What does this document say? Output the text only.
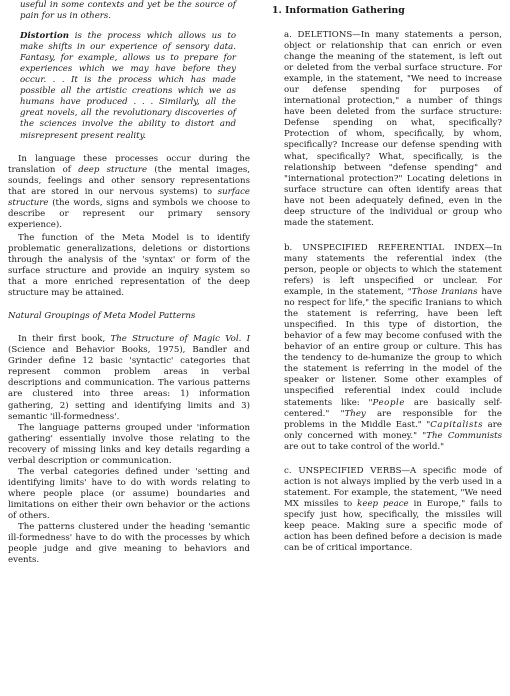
useful in some contexts and yet be the source of pain for us in others.

Distortion is the process which allows us to make shifts in our experience of sensory data. Fantasy, for example, allows us to prepare for experiences which we may have before they occur. . . It is the process which has made possible all the artistic creations which we as humans have produced . . . Similarly, all the great novels, all the revolutionary discoveries of the sciences involve the ability to distort and misrepresent present reality.

In language these processes occur during the translation of deep structure (the mental images, sounds, feelings and other sensory representations that are stored in our nervous systems) to surface structure (the words, signs and symbols we choose to describe or represent our primary sensory experience).

The function of the Meta Model is to identify problematic generalizations, deletions or distortions through the analysis of the 'syntax' or form of the surface structure and provide an inquiry system so that a more enriched representation of the deep structure may be attained.

Natural Groupings of Meta Model Patterns

In their first book, The Structure of Magic Vol. I (Science and Behavior Books, 1975), Bandler and Grinder define 12 basic 'syntactic' categories that represent common problem areas in verbal descriptions and communication. The various patterns are clustered into three areas: 1) information gathering, 2) setting and identifying limits and 3) semantic 'ill-formedness'.

The language patterns grouped under 'information gathering' essentially involve those relating to the recovery of missing links and key details regarding a verbal description or communication.

The verbal categories defined under 'setting and identifying limits' have to do with words relating to where people place (or assume) boundaries and limitations on either their own behavior or the actions of others.

The patterns clustered under the heading 'semantic ill-formedness' have to do with the processes by which people judge and give meaning to behaviors and events.

1. Information Gathering

a. DELETIONS—In many statements a person, object or relationship that can enrich or even change the meaning of the statement, is left out or deleted from the verbal surface structure. For example, in the statement, "We need to increase our defense spending for purposes of international protection," a number of things have been deleted from the surface structure: Defense spending on what, specifically? Protection of whom, specifically, by whom, specifically? Increase our defense spending with what, specifically? What, specifically, is the relationship between "defense spending" and "international protection?" Locating deletions in surface structure can often identify areas that have not been adequately defined, even in the deep structure of the individual or group who made the statement.

b. UNSPECIFIED REFERENTIAL INDEX—In many statements the referential index (the person, people or objects to which the statement refers) is left unspecified or unclear. For example, in the statement, "Those Iranians have no respect for life," the specific Iranians to which the statement is referring, have been left unspecified. In this type of distortion, the behavior of a few may become confused with the behavior of an entire group or culture. This has the tendency to de-humanize the group to which the statement is referring in the model of the speaker or listener. Some other examples of unspecified referential index could include statements like: "People are basically self-centered." "They are responsible for the problems in the Middle East." "Capitalists are only concerned with money." "The Communists are out to take control of the world."

c. UNSPECIFIED VERBS—A specific mode of action is not always implied by the verb used in a statement. For example, the statement, "We need MX missiles to keep peace in Europe," fails to specify just how, specifically, the missiles will keep peace. Making sure a specific mode of action has been defined before a decision is made can be of critical importance.
